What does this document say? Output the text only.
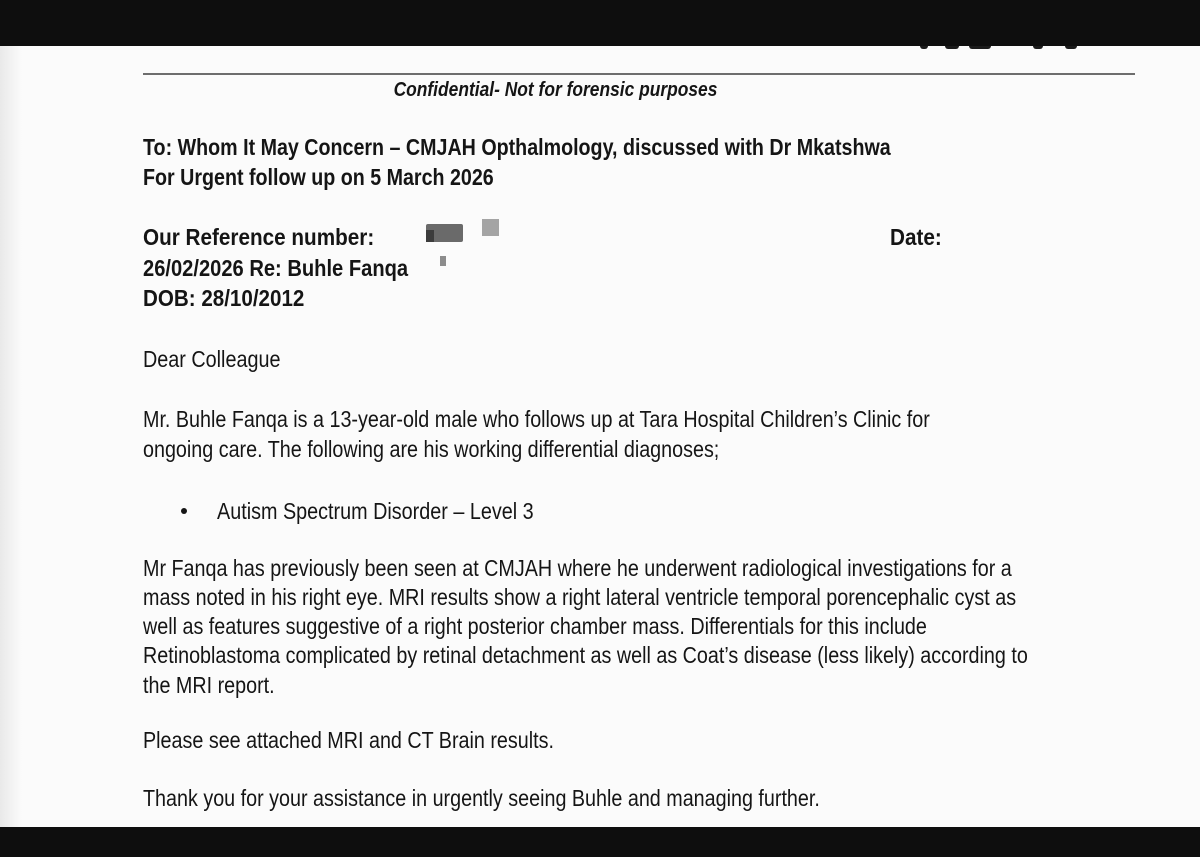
Confidential- Not for forensic purposes

To: Whom It May Concern – CMJAH Opthalmology, discussed with Dr Mkatshwa

For Urgent follow up on 5 March 2026

Our Reference number:	Date:

26/02/2026 Re: Buhle Fanqa

DOB: 28/10/2012

Dear Colleague

Mr. Buhle Fanqa is a 13-year-old male who follows up at Tara Hospital Children’s Clinic for

ongoing care. The following are his working differential diagnoses;

Autism Spectrum Disorder – Level 3

Mr Fanqa has previously been seen at CMJAH where he underwent radiological investigations for a

mass noted in his right eye. MRI results show a right lateral ventricle temporal porencephalic cyst as

well as features suggestive of a right posterior chamber mass. Differentials for this include

Retinoblastoma complicated by retinal detachment as well as Coat’s disease (less likely) according to

the MRI report.

Please see attached MRI and CT Brain results.

Thank you for your assistance in urgently seeing Buhle and managing further.
